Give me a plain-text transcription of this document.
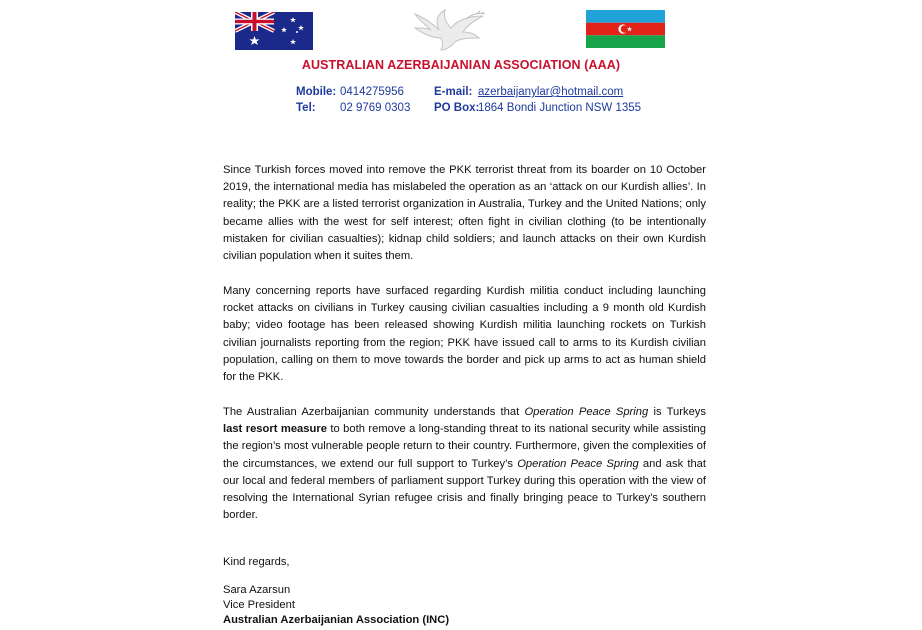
AUSTRALIAN AZERBAIJANIAN ASSOCIATION (AAA)
Mobile: 0414275956
Tel: 02 9769 0303
E-mail: azerbaijanylar@hotmail.com
PO Box:1864 Bondi Junction NSW 1355
Since Turkish forces moved into remove the PKK terrorist threat from its boarder on 10 October 2019, the international media has mislabeled the operation as an ‘attack on our Kurdish allies’. In reality; the PKK are a listed terrorist organization in Australia, Turkey and the United Nations; only became allies with the west for self interest; often fight in civilian clothing (to be intentionally mistaken for civilian casualties); kidnap child soldiers; and launch attacks on their own Kurdish civilian population when it suites them.
Many concerning reports have surfaced regarding Kurdish militia conduct including launching rocket attacks on civilians in Turkey causing civilian casualties including a 9 month old Kurdish baby; video footage has been released showing Kurdish militia launching rockets on Turkish civilian journalists reporting from the region; PKK have issued call to arms to its Kurdish civilian population, calling on them to move towards the border and pick up arms to act as human shield for the PKK.
The Australian Azerbaijanian community understands that Operation Peace Spring is Turkeys last resort measure to both remove a long-standing threat to its national security while assisting the region’s most vulnerable people return to their country. Furthermore, given the complexities of the circumstances, we extend our full support to Turkey’s Operation Peace Spring and ask that our local and federal members of parliament support Turkey during this operation with the view of resolving the International Syrian refugee crisis and finally bringing peace to Turkey’s southern border.
Kind regards,
Sara Azarsun
Vice President
Australian Azerbaijanian Association (INC)
